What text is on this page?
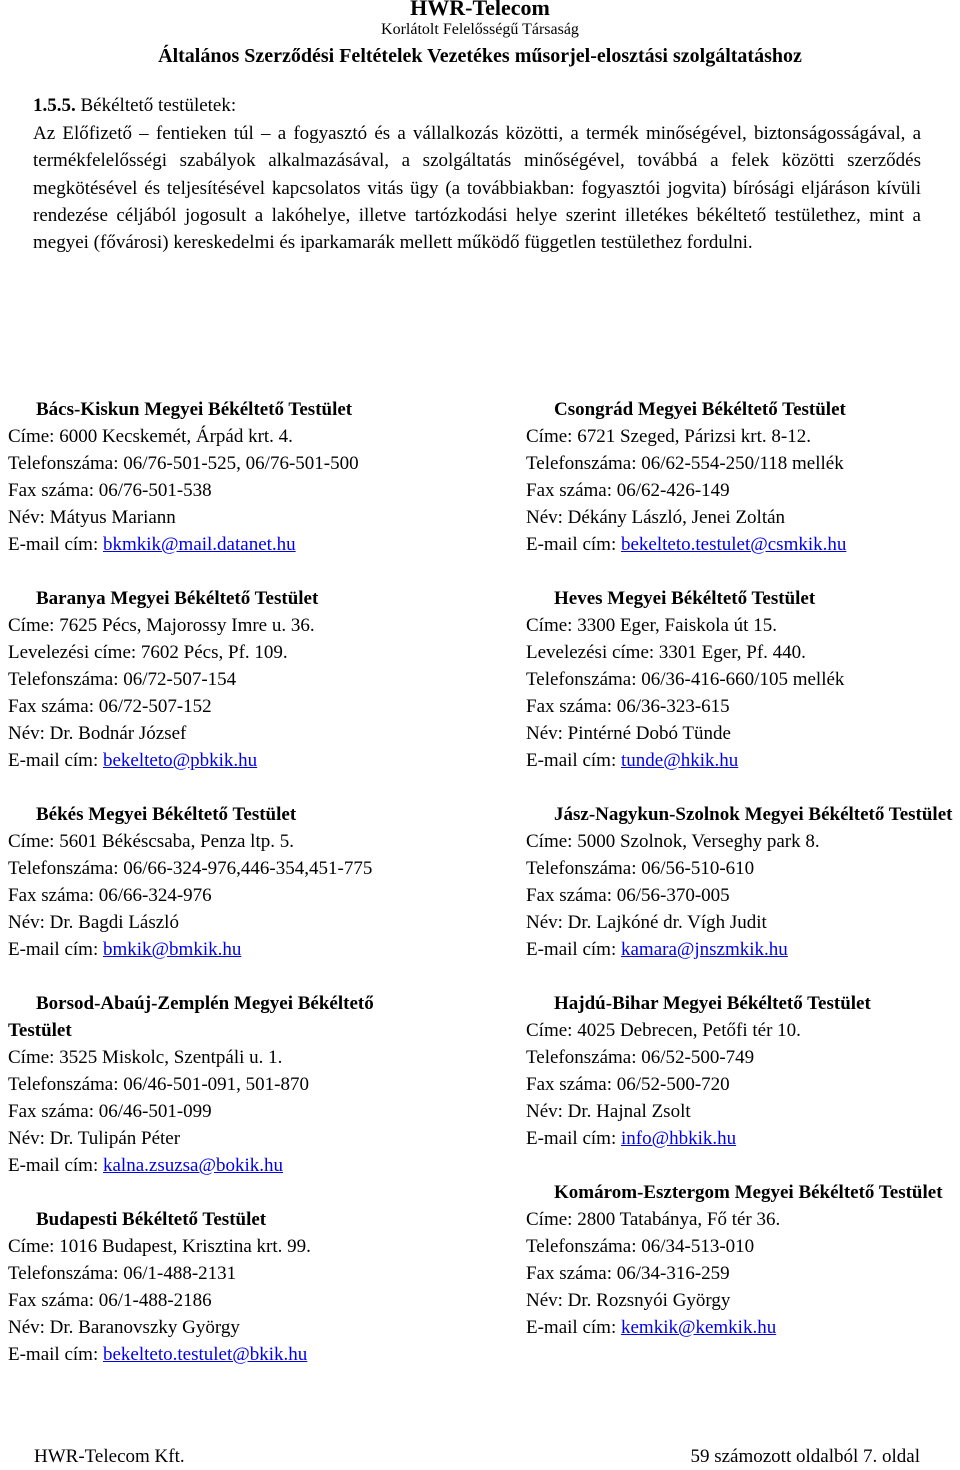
HWR-Telecom
Korlátolt Felelősségű Társaság
Általános Szerződési Feltételek Vezetékes műsorjel-elosztási szolgáltatáshoz
1.5.5. Békéltető testületek:
Az Előfizető – fentieken túl – a fogyasztó és a vállalkozás közötti, a termék minőségével, biztonságosságával, a termékfelelősségi szabályok alkalmazásával, a szolgáltatás minőségével, továbbá a felek közötti szerződés megkötésével és teljesítésével kapcsolatos vitás ügy (a továbbiakban: fogyasztói jogvita) bírósági eljáráson kívüli rendezése céljából jogosult a lakóhelye, illetve tartózkodási helye szerint illetékes békéltető testülethez, mint a megyei (fővárosi) kereskedelmi és iparkamarák mellett működő független testülethez fordulni.
Bács-Kiskun Megyei Békéltető Testület
Címe: 6000 Kecskemét, Árpád krt. 4.
Telefonszáma: 06/76-501-525, 06/76-501-500
Fax száma: 06/76-501-538
Név: Mátyus Mariann
E-mail cím: bkmkik@mail.datanet.hu
Baranya Megyei Békéltető Testület
Címe: 7625 Pécs, Majorossy Imre u. 36.
Levelezési címe: 7602 Pécs, Pf. 109.
Telefonszáma: 06/72-507-154
Fax száma: 06/72-507-152
Név: Dr. Bodnár József
E-mail cím: bekelteto@pbkik.hu
Békés Megyei Békéltető Testület
Címe: 5601 Békéscsaba, Penza ltp. 5.
Telefonszáma: 06/66-324-976,446-354,451-775
Fax száma: 06/66-324-976
Név: Dr. Bagdi László
E-mail cím: bmkik@bmkik.hu
Borsod-Abaúj-Zemplén Megyei Békéltető Testület
Címe: 3525 Miskolc, Szentpáli u. 1.
Telefonszáma: 06/46-501-091, 501-870
Fax száma: 06/46-501-099
Név: Dr. Tulipán Péter
E-mail cím: kalna.zsuzsa@bokik.hu
Budapesti Békéltető Testület
Címe: 1016 Budapest, Krisztina krt. 99.
Telefonszáma: 06/1-488-2131
Fax száma: 06/1-488-2186
Név: Dr. Baranovszky György
E-mail cím: bekelteto.testulet@bkik.hu
Csongrád Megyei Békéltető Testület
Címe: 6721 Szeged, Párizsi krt. 8-12.
Telefonszáma: 06/62-554-250/118 mellék
Fax száma: 06/62-426-149
Név: Dékány László, Jenei Zoltán
E-mail cím: bekelteto.testulet@csmkik.hu
Heves Megyei Békéltető Testület
Címe: 3300 Eger, Faiskola út 15.
Levelezési címe: 3301 Eger, Pf. 440.
Telefonszáma: 06/36-416-660/105 mellék
Fax száma: 06/36-323-615
Név: Pintérné Dobó Tünde
E-mail cím: tunde@hkik.hu
Jász-Nagykun-Szolnok Megyei Békéltető Testület
Címe: 5000 Szolnok, Verseghy park 8.
Telefonszáma: 06/56-510-610
Fax száma: 06/56-370-005
Név: Dr. Lajkóné dr. Vígh Judit
E-mail cím: kamara@jnszmkik.hu
Hajdú-Bihar Megyei Békéltető Testület
Címe: 4025 Debrecen, Petőfi tér 10.
Telefonszáma: 06/52-500-749
Fax száma: 06/52-500-720
Név: Dr. Hajnal Zsolt
E-mail cím: info@hbkik.hu
Komárom-Esztergom Megyei Békéltető Testület
Címe: 2800 Tatabánya, Fő tér 36.
Telefonszáma: 06/34-513-010
Fax száma: 06/34-316-259
Név: Dr. Rozsnyói György
E-mail cím: kemkik@kemkik.hu
HWR-Telecom Kft.	59 számozott oldalból 7. oldal
